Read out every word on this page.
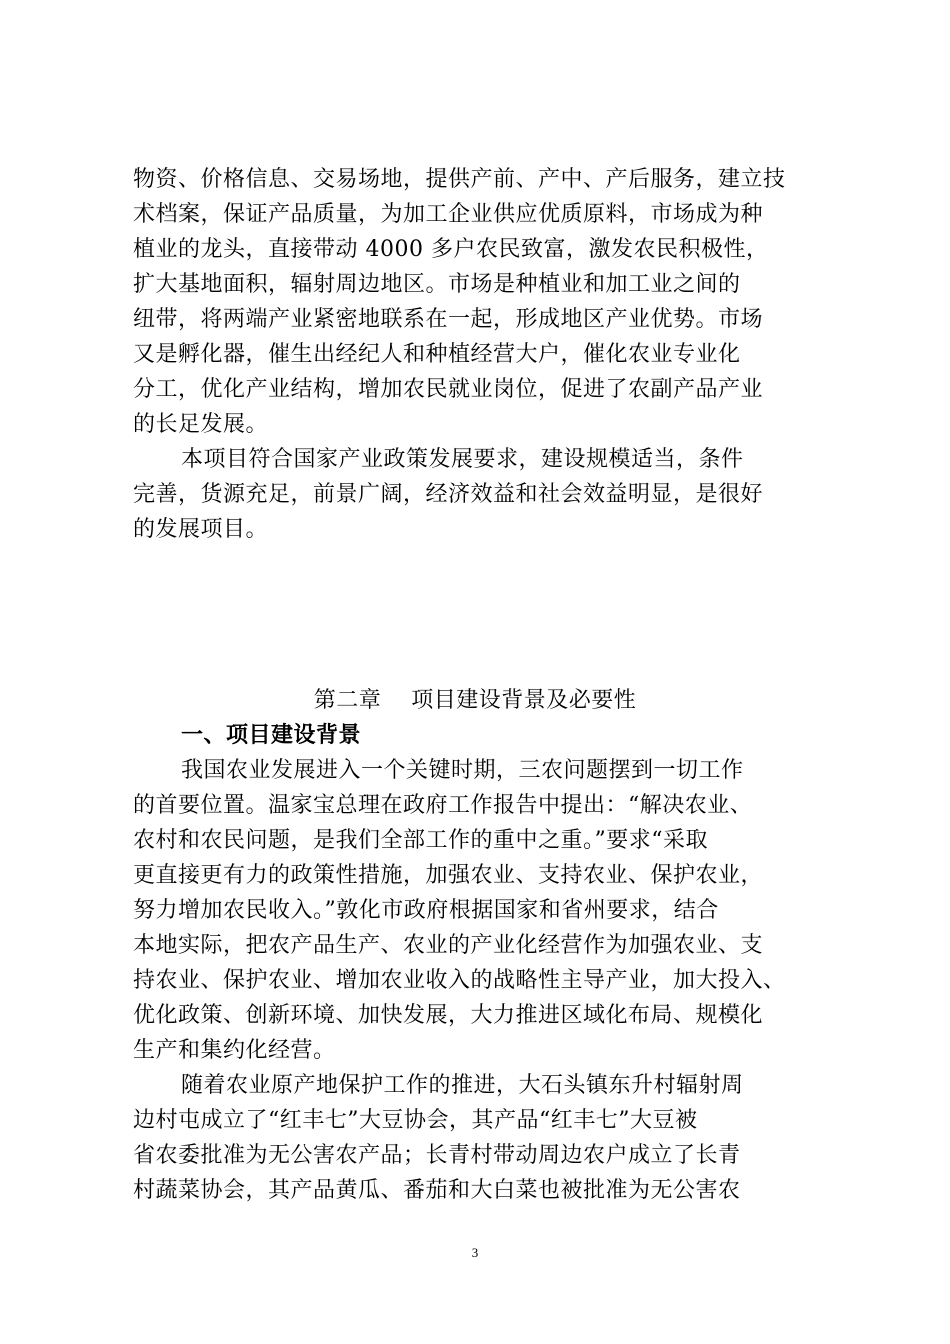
物资、价格信息、交易场地，提供产前、产中、产后服务，建立技
术档案，保证产品质量，为加工企业供应优质原料，市场成为种
植业的龙头，直接带动 4000 多户农民致富，激发农民积极性，
扩大基地面积，辐射周边地区。市场是种植业和加工业之间的
纽带，将两端产业紧密地联系在一起，形成地区产业优势。市场
又是孵化器，催生出经纪人和种植经营大户，催化农业专业化
分工，优化产业结构，增加农民就业岗位，促进了农副产品产业
的长足发展。
本项目符合国家产业政策发展要求，建设规模适当，条件
完善，货源充足，前景广阔，经济效益和社会效益明显，是很好
的发展项目。
第二章 项目建设背景及必要性
一、项目建设背景
我国农业发展进入一个关键时期，三农问题摆到一切工作
的首要位置。温家宝总理在政府工作报告中提出：“解决农业、
农村和农民问题，是我们全部工作的重中之重。”要求“采取
更直接更有力的政策性措施，加强农业、支持农业、保护农业，
努力增加农民收入。”敦化市政府根据国家和省州要求，结合
本地实际，把农产品生产、农业的产业化经营作为加强农业、支
持农业、保护农业、增加农业收入的战略性主导产业，加大投入、
优化政策、创新环境、加快发展，大力推进区域化布局、规模化
生产和集约化经营。
随着农业原产地保护工作的推进，大石头镇东升村辐射周
边村屯成立了“红丰七”大豆协会，其产品“红丰七”大豆被
省农委批准为无公害农产品；长青村带动周边农户成立了长青
村蔬菜协会，其产品黄瓜、番茄和大白菜也被批准为无公害农
3
